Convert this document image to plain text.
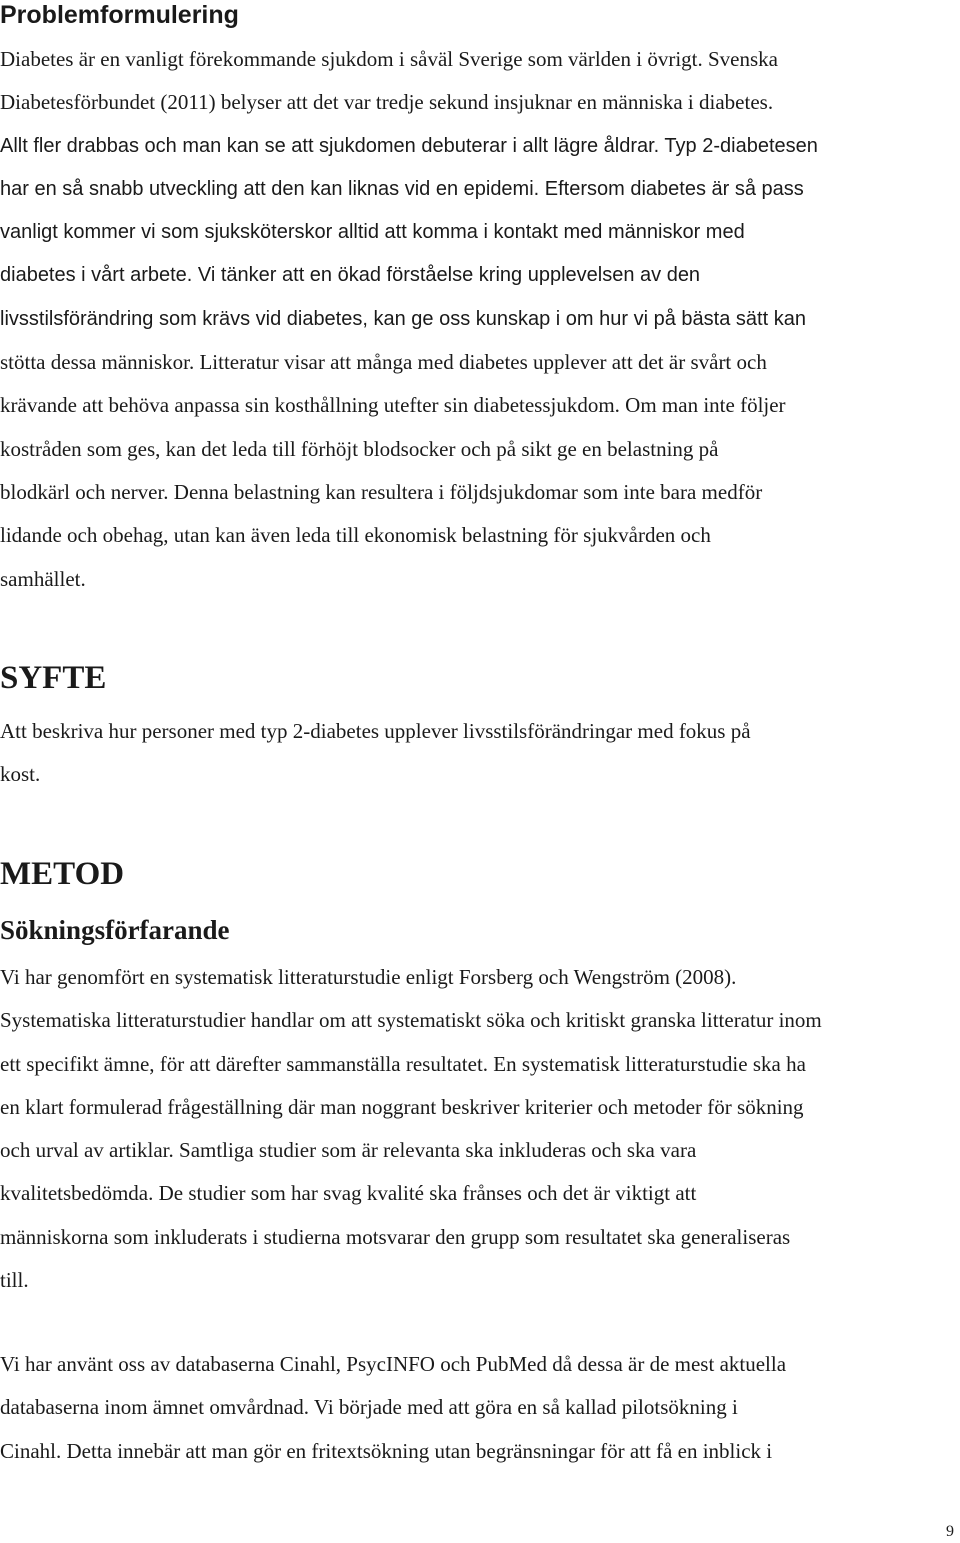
Problemformulering
Diabetes är en vanligt förekommande sjukdom i såväl Sverige som världen i övrigt. Svenska
Diabetesförbundet (2011) belyser att det var tredje sekund insjuknar en människa i diabetes.
Allt fler drabbas och man kan se att sjukdomen debuterar i allt lägre åldrar. Typ 2-diabetesen
har en så snabb utveckling att den kan liknas vid en epidemi. Eftersom diabetes är så pass
vanligt kommer vi som sjuksköterskor alltid att komma i kontakt med människor med
diabetes i vårt arbete. Vi tänker att en ökad förståelse kring upplevelsen av den
livsstilsförändring som krävs vid diabetes, kan ge oss kunskap i om hur vi på bästa sätt kan
stötta dessa människor. Litteratur visar att många med diabetes upplever att det är svårt och
krävande att behöva anpassa sin kosthållning utefter sin diabetessjukdom. Om man inte följer
kostråden som ges, kan det leda till förhöjt blodsocker och på sikt ge en belastning på
blodkärl och nerver. Denna belastning kan resultera i följdsjukdomar som inte bara medför
lidande och obehag, utan kan även leda till ekonomisk belastning för sjukvården och
samhället.
SYFTE
Att beskriva hur personer med typ 2-diabetes upplever livsstilsförändringar med fokus på
kost.
METOD
Sökningsförfarande
Vi har genomfört en systematisk litteraturstudie enligt Forsberg och Wengström (2008).
Systematiska litteraturstudier handlar om att systematiskt söka och kritiskt granska litteratur inom
ett specifikt ämne, för att därefter sammanställa resultatet. En systematisk litteraturstudie ska ha
en klart formulerad frågeställning där man noggrant beskriver kriterier och metoder för sökning
och urval av artiklar. Samtliga studier som är relevanta ska inkluderas och ska vara
kvalitetsbedömda. De studier som har svag kvalité ska frånses och det är viktigt att
människorna som inkluderats i studierna motsvarar den grupp som resultatet ska generaliseras
till.
Vi har använt oss av databaserna Cinahl, PsycINFO och PubMed då dessa är de mest aktuella
databaserna inom ämnet omvårdnad. Vi började med att göra en så kallad pilotsökning i
Cinahl. Detta innebär att man gör en fritextsökning utan begränsningar för att få en inblick i
9
